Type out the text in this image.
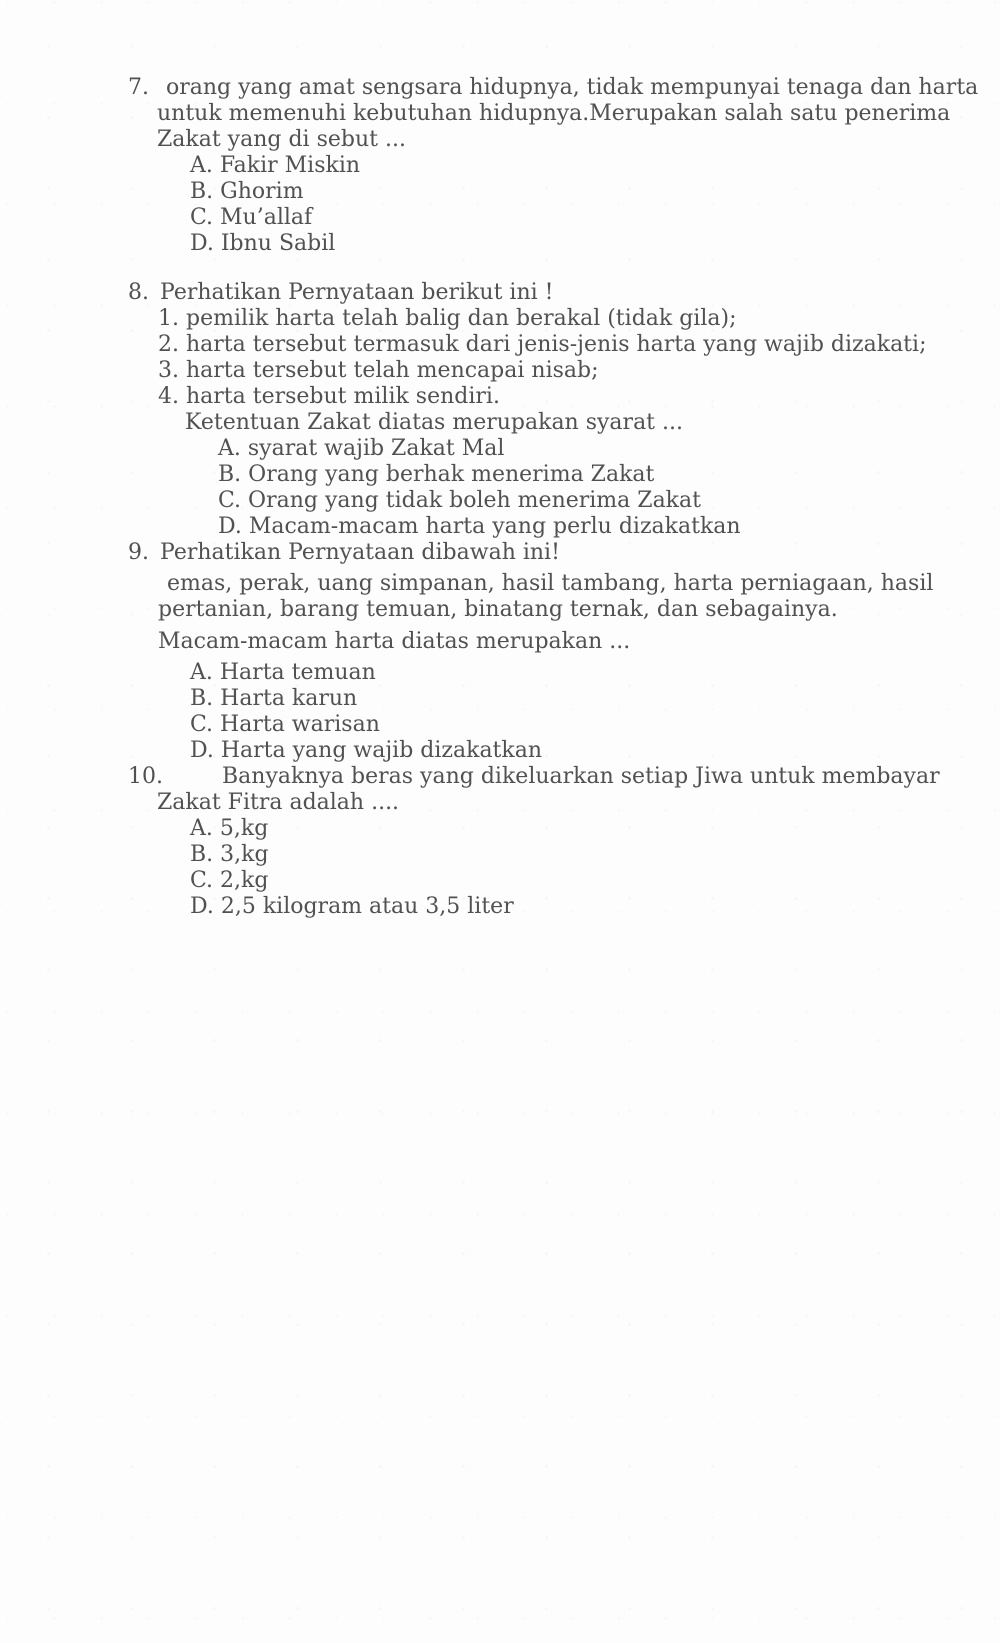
7. orang yang amat sengsara hidupnya, tidak mempunyai tenaga dan harta
untuk memenuhi kebutuhan hidupnya.Merupakan salah satu penerima
Zakat yang di sebut ...
A. Fakir Miskin
B. Ghorim
C. Mu’allaf
D. Ibnu Sabil
8. Perhatikan Pernyataan berikut ini !
1. pemilik harta telah balig dan berakal (tidak gila);
2. harta tersebut termasuk dari jenis-jenis harta yang wajib dizakati;
3. harta tersebut telah mencapai nisab;
4. harta tersebut milik sendiri.
Ketentuan Zakat diatas merupakan syarat ...
A. syarat wajib Zakat Mal
B. Orang yang berhak menerima Zakat
C. Orang yang tidak boleh menerima Zakat
D. Macam-macam harta yang perlu dizakatkan
9. Perhatikan Pernyataan dibawah ini!
emas, perak, uang simpanan, hasil tambang, harta perniagaan, hasil
pertanian, barang temuan, binatang ternak, dan sebagainya.
Macam-macam harta diatas merupakan ...
A. Harta temuan
B. Harta karun
C. Harta warisan
D. Harta yang wajib dizakatkan
10.	Banyaknya beras yang dikeluarkan setiap Jiwa untuk membayar
Zakat Fitra adalah ....
A. 5,kg
B. 3,kg
C. 2,kg
D. 2,5 kilogram atau 3,5 liter
